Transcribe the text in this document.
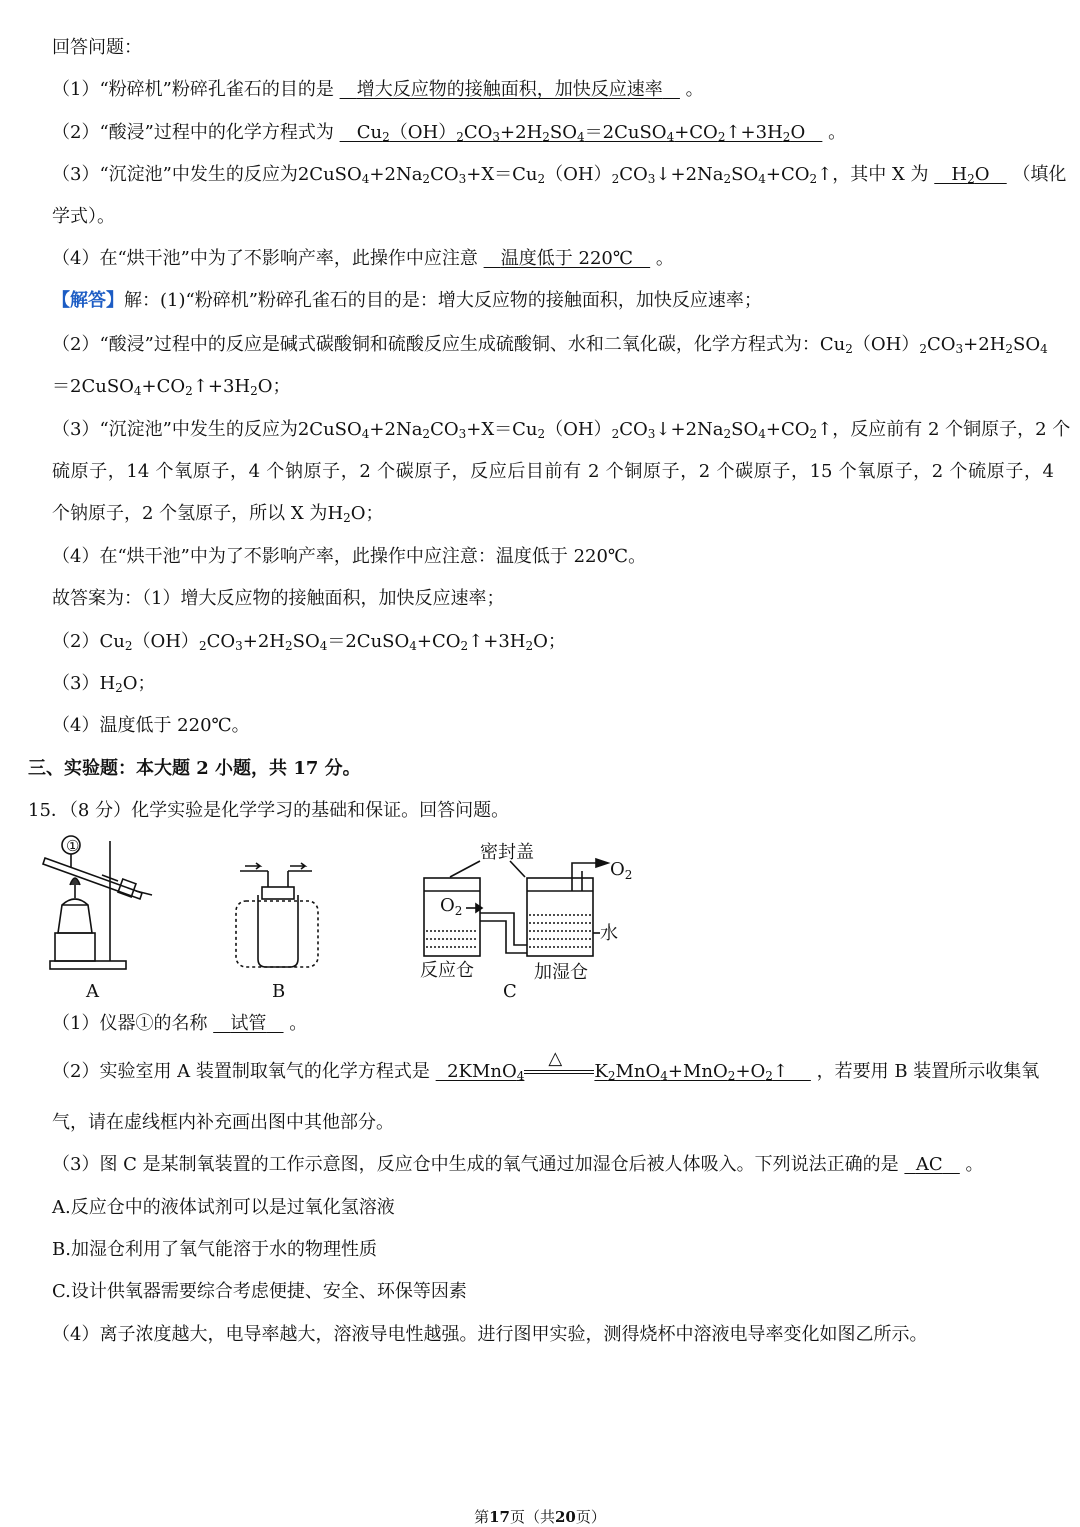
回答问题：
（1）“粉碎机”粉碎孔雀石的目的是 增大反应物的接触面积，加快反应速率 。
（2）“酸浸”过程中的化学方程式为    $Cu_2(OH)_2CO_3+2H_2SO_4=2CuSO_4+CO_2↑+3H_2O$    。
（3）“沉淀池”中发生的反应为$2CuSO_4+2Na_2CO_3+X=Cu_2(OH)_2CO_3↓+2Na_2SO_4+CO_2↑$，其中 X 为    $H_2O$    （填化
学式）。
（4）在“烘干池”中为了不影响产率，此操作中应注意 温度低于 220℃ 。
【解答】解：(1)“粉碎机”粉碎孔雀石的目的是：增大反应物的接触面积，加快反应速率；
（2）“酸浸”过程中的反应是碱式碳酸铜和硫酸反应生成硫酸铜、水和二氧化碳，化学方程式为：$Cu_2(OH)_2CO_3+2H_2SO_4$
$=2CuSO_4+CO_2↑+3H_2O$；
（3）“沉淀池”中发生的反应为$2CuSO_4+2Na_2CO_3+X=Cu_2(OH)_2CO_3↓+2Na_2SO_4+CO_2↑$，反应前有 2 个铜原子，2 个
硫原子，14 个氧原子，4 个钠原子，2 个碳原子，反应后目前有 2 个铜原子，2 个碳原子，15 个氧原子，2 个硫原子，4
个钠原子，2 个氢原子，所以 X 为$H_2O$；
（4）在“烘干池”中为了不影响产率，此操作中应注意：温度低于 220℃。
故答案为：（1）增大反应物的接触面积，加快反应速率；
$(2)Cu_2(OH)_2CO_3+2H_2SO_4=2CuSO_4+CO_2↑+3H_2O$；
$(3)H_2O$；
（4）温度低于 220℃。
三、实验题：本大题 2 小题，共 17 分。
15．（8 分）化学实验是化学学习的基础和保证。回答问题。
①
A	B
密封盖
$O_2$
$O_2$
水
反应仓	加湿仓
C
（1）仪器①的名称 试管 。
（2）实验室用 A 装置制取氧气的化学方程式是   2KMnO$_4$
△
$K_2MnO_4+MnO_2+O_2↑$     ，若要用 B 装置所示收集氧
气，请在虚线框内补充画出图中其他部分。
（3）图 C 是某制氧装置的工作示意图，反应仓中生成的氧气通过加湿仓后被人体吸入。下列说法正确的是 AC 。
A.反应仓中的液体试剂可以是过氧化氢溶液
B.加湿仓利用了氧气能溶于水的物理性质
C.设计供氧器需要综合考虑便捷、安全、环保等因素
（4）离子浓度越大，电导率越大，溶液导电性越强。进行图甲实验，测得烧杯中溶液电导率变化如图乙所示。
第17页（共20页）
